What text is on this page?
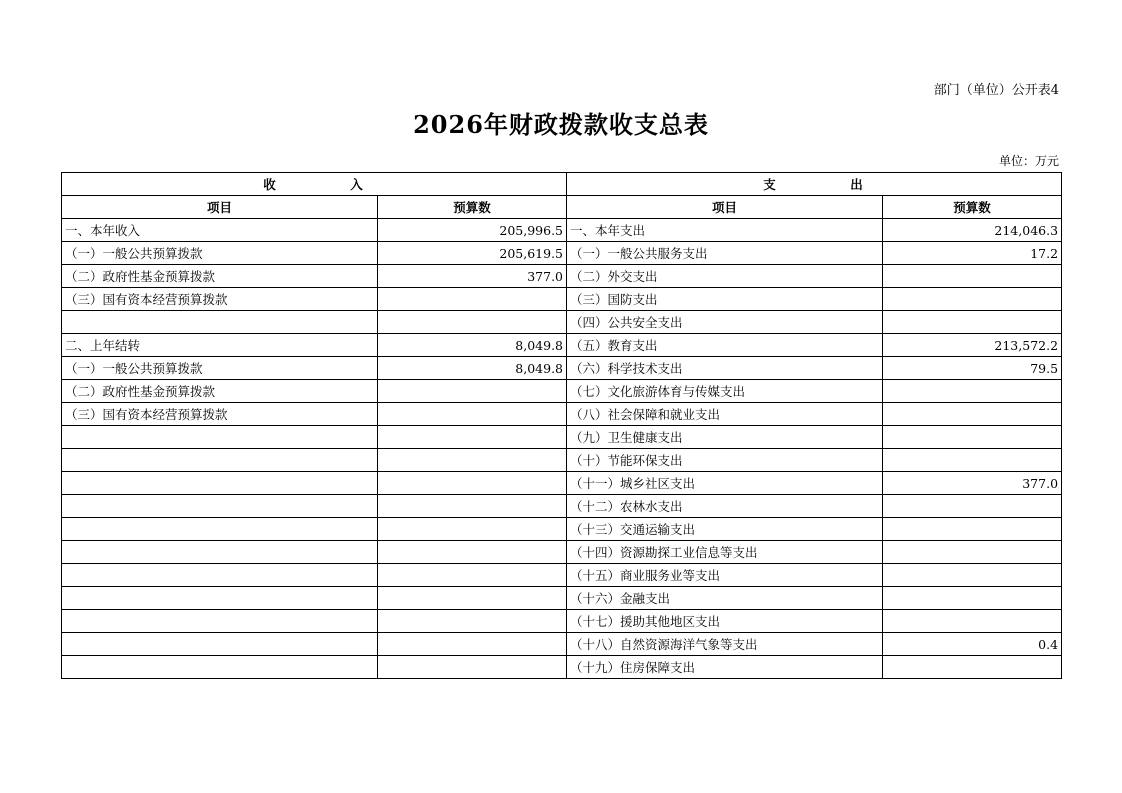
部门（单位）公开表4
2026年财政拨款收支总表
单位：万元
收　　　　　入		支　　　　　出	
项目	预算数	项目	预算数
一、本年收入	205,996.5	一、本年支出	214,046.3
（一）一般公共预算拨款	205,619.5	（一）一般公共服务支出	17.2
（二）政府性基金预算拨款	377.0	（二）外交支出	
（三）国有资本经营预算拨款		（三）国防支出	
		（四）公共安全支出	
二、上年结转	8,049.8	（五）教育支出	213,572.2
（一）一般公共预算拨款	8,049.8	（六）科学技术支出	79.5
（二）政府性基金预算拨款		（七）文化旅游体育与传媒支出	
（三）国有资本经营预算拨款		（八）社会保障和就业支出	
		（九）卫生健康支出	
		（十）节能环保支出	
		（十一）城乡社区支出	377.0
		（十二）农林水支出	
		（十三）交通运输支出	
		（十四）资源勘探工业信息等支出	
		（十五）商业服务业等支出	
		（十六）金融支出	
		（十七）援助其他地区支出	
		（十八）自然资源海洋气象等支出	0.4
		（十九）住房保障支出	
